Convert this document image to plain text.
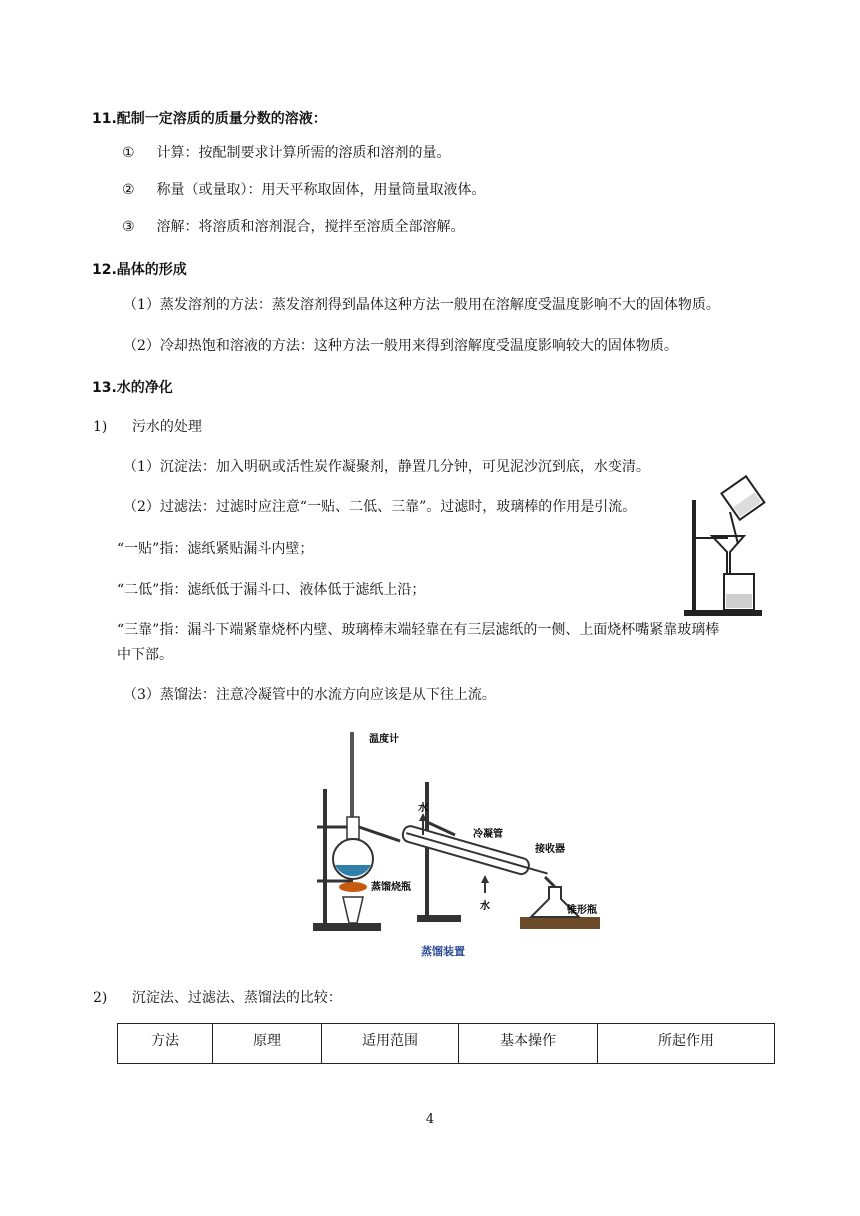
11.配制一定溶质的质量分数的溶液：
① 计算：按配制要求计算所需的溶质和溶剂的量。
② 称量（或量取）：用天平称取固体，用量筒量取液体。
③ 溶解：将溶质和溶剂混合，搅拌至溶质全部溶解。
12.晶体的形成
（1）蒸发溶剂的方法：蒸发溶剂得到晶体这种方法一般用在溶解度受温度影响不大的固体物质。
（2）冷却热饱和溶液的方法：这种方法一般用来得到溶解度受温度影响较大的固体物质。
13.水的净化
1) 污水的处理
（1）沉淀法：加入明矾或活性炭作凝聚剂，静置几分钟，可见泥沙沉到底，水变清。
（2）过滤法：过滤时应注意“一贴、二低、三靠”。过滤时，玻璃棒的作用是引流。
“一贴”指：滤纸紧贴漏斗内壁；
“二低”指：滤纸低于漏斗口、液体低于滤纸上沿；
“三靠”指：漏斗下端紧靠烧杯内壁、玻璃棒末端轻靠在有三层滤纸的一侧、上面烧杯嘴紧靠玻璃棒
中下部。
（3）蒸馏法：注意冷凝管中的水流方向应该是从下往上流。
温度计
水
水
冷凝管
接收器
蒸馏烧瓶
锥形瓶
蒸馏装置
2) 沉淀法、过滤法、蒸馏法的比较：
方法	原理	适用范围	基本操作	所起作用
4
